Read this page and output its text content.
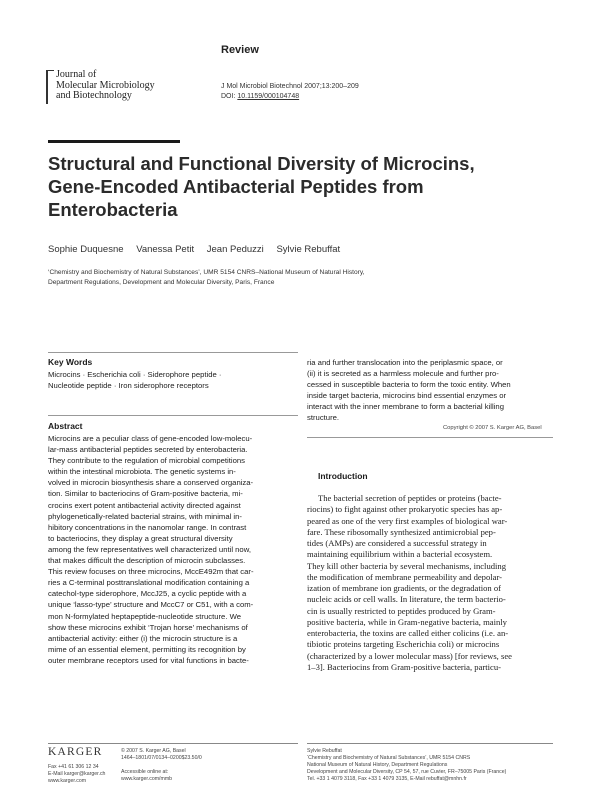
Journal of
Molecular Microbiology
and Biotechnology
Review
J Mol Microbiol Biotechnol 2007;13:200–209
DOI: 10.1159/000104748
Structural and Functional Diversity of Microcins, Gene-Encoded Antibacterial Peptides from Enterobacteria
Sophie Duquesne Vanessa Petit Jean Peduzzi Sylvie Rebuffat
‘Chemistry and Biochemistry of Natural Substances’, UMR 5154 CNRS–National Museum of Natural History,
Department Regulations, Development and Molecular Diversity, Paris, France
Key Words
Microcins · Escherichia coli · Siderophore peptide ·
Nucleotide peptide · Iron siderophore receptors
Abstract
Microcins are a peculiar class of gene-encoded low-molecu-
lar-mass antibacterial peptides secreted by enterobacteria.
They contribute to the regulation of microbial competitions
within the intestinal microbiota. The genetic systems in-
volved in microcin biosynthesis share a conserved organiza-
tion. Similar to bacteriocins of Gram-positive bacteria, mi-
crocins exert potent antibacterial activity directed against
phylogenetically-related bacterial strains, with minimal in-
hibitory concentrations in the nanomolar range. In contrast
to bacteriocins, they display a great structural diversity
among the few representatives well characterized until now,
that makes difficult the description of microcin subclasses.
This review focuses on three microcins, MccE492m that car-
ries a C-terminal posttranslational modification containing a
catechol-type siderophore, MccJ25, a cyclic peptide with a
unique ‘lasso-type’ structure and MccC7 or C51, with a com-
mon N-formylated heptapeptide-nucleotide structure. We
show these microcins exhibit ‘Trojan horse’ mechanisms of
antibacterial activity: either (i) the microcin structure is a
mime of an essential element, permitting its recognition by
outer membrane receptors used for vital functions in bacte-
ria and further translocation into the periplasmic space, or
(ii) it is secreted as a harmless molecule and further pro-
cessed in susceptible bacteria to form the toxic entity. When
inside target bacteria, microcins bind essential enzymes or
interact with the inner membrane to form a bacterial killing
structure.
Copyright © 2007 S. Karger AG, Basel
Introduction
The bacterial secretion of peptides or proteins (bacte-
riocins) to fight against other prokaryotic species has ap-
peared as one of the very first examples of biological war-
fare. These ribosomally synthesized antimicrobial pep-
tides (AMPs) are considered a successful strategy in
maintaining equilibrium within a bacterial ecosystem.
They kill other bacteria by several mechanisms, including
the modification of membrane permeability and depolar-
ization of membrane ion gradients, or the degradation of
nucleic acids or cell walls. In literature, the term bacterio-
cin is usually restricted to peptides produced by Gram-
positive bacteria, while in Gram-negative bacteria, mainly
enterobacteria, the toxins are called either colicins (i.e. an-
tibiotic proteins targeting Escherichia coli) or microcins
(characterized by a lower molecular mass) [for reviews, see
1–3]. Bacteriocins from Gram-positive bacteria, particu-
KARGER
Fax +41 61 306 12 34
E-Mail karger@karger.ch
www.karger.com
© 2007 S. Karger AG, Basel
1464–1801/07/0134–0200$23.50/0
Accessible online at:
www.karger.com/mmb
Sylvie Rebuffat
‘Chemistry and Biochemistry of Natural Substances’, UMR 5154 CNRS
National Museum of Natural History, Department Regulations
Development and Molecular Diversity, CP 54, 57, rue Cuvier, FR–75005 Paris (France)
Tel. +33 1 4079 3118, Fax +33 1 4079 3135, E-Mail rebuffat@mnhn.fr
